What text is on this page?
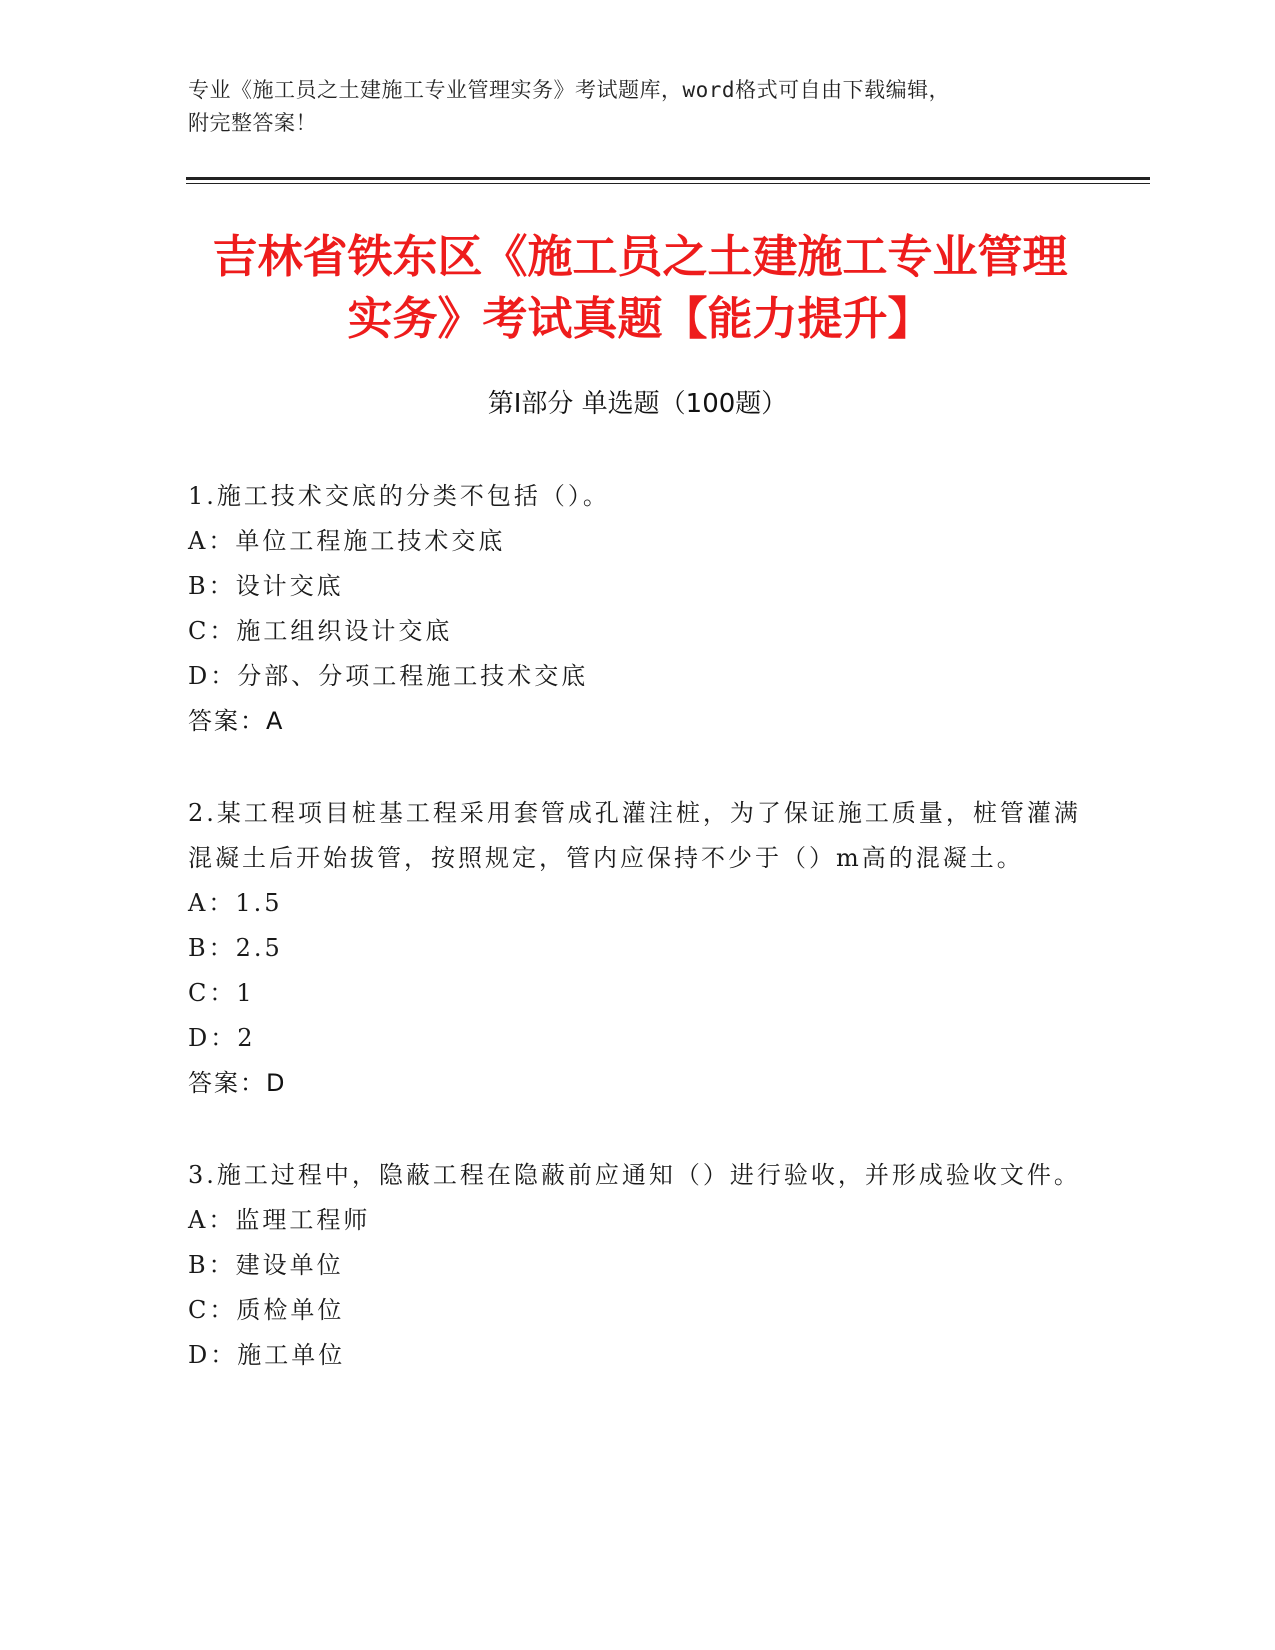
专业《施工员之土建施工专业管理实务》考试题库，word格式可自由下载编辑，
附完整答案！
吉林省铁东区《施工员之土建施工专业管理
实务》考试真题【能力提升】
第Ⅰ部分 单选题（100题）

1.施工技术交底的分类不包括（）。

A：单位工程施工技术交底

B：设计交底

C：施工组织设计交底

D：分部、分项工程施工技术交底

答案：A

2.某工程项目桩基工程采用套管成孔灌注桩，为了保证施工质量，桩管灌满混凝土后开始拔管，按照规定，管内应保持不少于（）m高的混凝土。

A：1.5

B：2.5

C：1

D：2

答案：D

3.施工过程中，隐蔽工程在隐蔽前应通知（）进行验收，并形成验收文件。

A：监理工程师

B：建设单位

C：质检单位

D：施工单位
